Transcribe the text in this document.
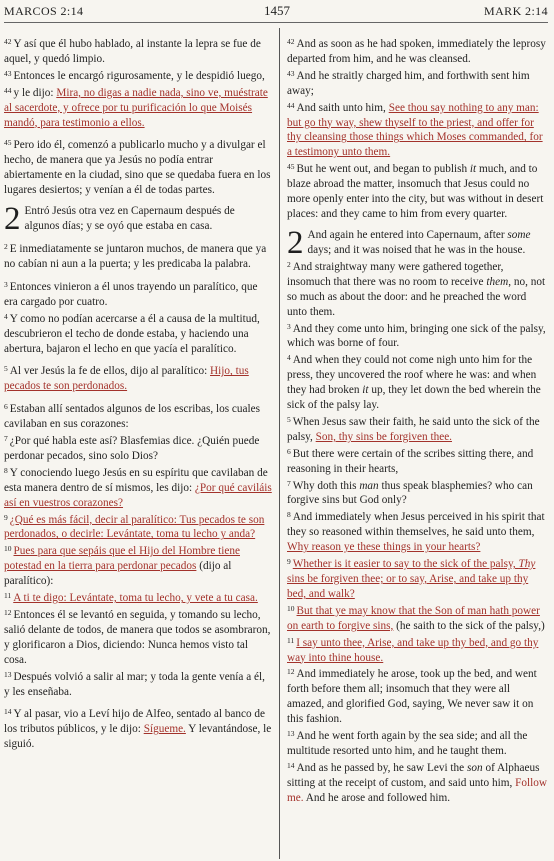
MARCOS 2:14	1457	MARK 2:14

$^{42}$ Y así que él hubo hablado, al instante la lepra se fue de aquel, y quedó limpio.

$^{43}$ Entonces le encargó rigurosamente, y le despidió luego,

$^{44}$ y le dijo: Mira, no digas a nadie nada, sino ve, muéstrate al sacerdote, y ofrece por tu purificación lo que Moisés mandó, para testimonio a ellos.

$^{45}$ Pero ido él, comenzó a publicarlo mucho y a divulgar el hecho, de manera que ya Jesús no podía entrar abiertamente en la ciudad, sino que se quedaba fuera en los lugares desiertos; y venían a él de todas partes.

2 Entró Jesús otra vez en Capernaum después de algunos días; y se oyó que estaba en casa.

$^2$ E inmediatamente se juntaron muchos, de manera que ya no cabían ni aun a la puerta; y les predicaba la palabra.

$^3$ Entonces vinieron a él unos trayendo un paralítico, que era cargado por cuatro.

$^4$ Y como no podían acercarse a él a causa de la multitud, descubrieron el techo de donde estaba, y haciendo una abertura, bajaron el lecho en que yacía el paralítico.

$^5$ Al ver Jesús la fe de ellos, dijo al paralítico: Hijo, tus pecados te son perdonados.

$^6$ Estaban allí sentados algunos de los escribas, los cuales cavilaban en sus corazones:

$^7$ ¿Por qué habla este así? Blasfemias dice. ¿Quién puede perdonar pecados, sino solo Dios?

$^8$ Y conociendo luego Jesús en su espíritu que cavilaban de esta manera dentro de sí mismos, les dijo: ¿Por qué caviláis así en vuestros corazones?

$^9$ ¿Qué es más fácil, decir al paralítico: Tus pecados te son perdonados, o decirle: Levántate, toma tu lecho y anda?

$^{10}$ Pues para que sepáis que el Hijo del Hombre tiene potestad en la tierra para perdonar pecados (dijo al paralítico):

$^{11}$ A ti te digo: Levántate, toma tu lecho, y vete a tu casa.

$^{12}$ Entonces él se levantó en seguida, y tomando su lecho, salió delante de todos, de manera que todos se asombraron, y glorificaron a Dios, diciendo: Nunca hemos visto tal cosa.

$^{13}$ Después volvió a salir al mar; y toda la gente venía a él, y les enseñaba.

$^{14}$ Y al pasar, vio a Leví hijo de Alfeo, sentado al banco de los tributos públicos, y le dijo: Sígueme. Y levantándose, le siguió.

$^{42}$ And as soon as he had spoken, immediately the leprosy departed from him, and he was cleansed.

$^{43}$ And he straitly charged him, and forthwith sent him away;

$^{44}$ And saith unto him, See thou say nothing to any man: but go thy way, shew thyself to the priest, and offer for thy cleansing those things which Moses commanded, for a testimony unto them.

$^{45}$ But he went out, and began to publish it much, and to blaze abroad the matter, insomuch that Jesus could no more openly enter into the city, but was without in desert places: and they came to him from every quarter.

2 And again he entered into Capernaum, after some days; and it was noised that he was in the house.

$^2$ And straightway many were gathered together, insomuch that there was no room to receive them, no, not so much as about the door: and he preached the word unto them.

$^3$ And they come unto him, bringing one sick of the palsy, which was borne of four.

$^4$ And when they could not come nigh unto him for the press, they uncovered the roof where he was: and when they had broken it up, they let down the bed wherein the sick of the palsy lay.

$^5$ When Jesus saw their faith, he said unto the sick of the palsy, Son, thy sins be forgiven thee.

$^6$ But there were certain of the scribes sitting there, and reasoning in their hearts,

$^7$ Why doth this man thus speak blasphemies? who can forgive sins but God only?

$^8$ And immediately when Jesus perceived in his spirit that they so reasoned within themselves, he said unto them, Why reason ye these things in your hearts?

$^9$ Whether is it easier to say to the sick of the palsy, Thy sins be forgiven thee; or to say, Arise, and take up thy bed, and walk?

$^{10}$ But that ye may know that the Son of man hath power on earth to forgive sins, (he saith to the sick of the palsy,)

$^{11}$ I say unto thee, Arise, and take up thy bed, and go thy way into thine house.

$^{12}$ And immediately he arose, took up the bed, and went forth before them all; insomuch that they were all amazed, and glorified God, saying, We never saw it on this fashion.

$^{13}$ And he went forth again by the sea side; and all the multitude resorted unto him, and he taught them.

$^{14}$ And as he passed by, he saw Levi the son of Alphaeus sitting at the receipt of custom, and said unto him, Follow me. And he arose and followed him.
